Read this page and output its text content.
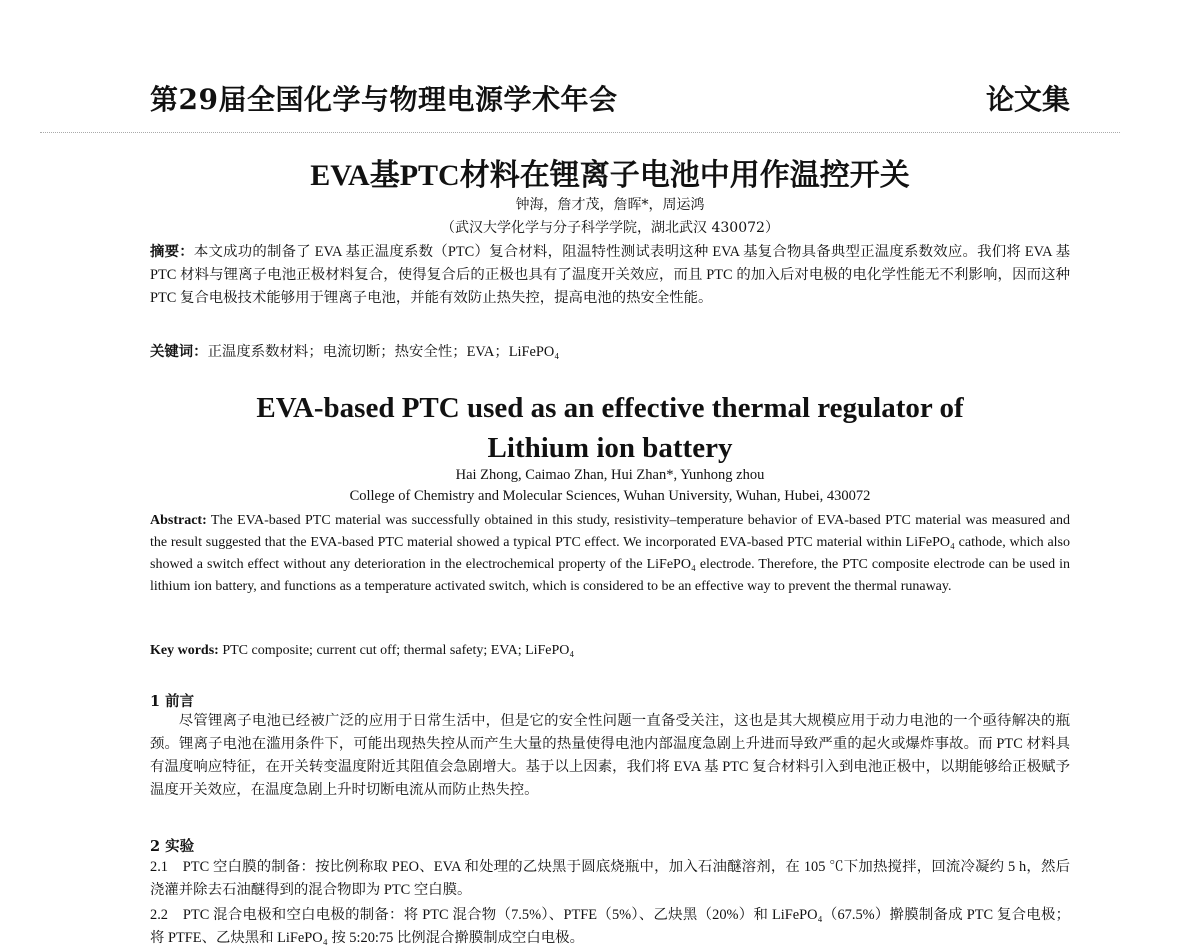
第29届全国化学与物理电源学术年会	论文集
EVA基PTC材料在锂离子电池中用作温控开关
钟海，詹才茂，詹晖*，周运鸿
（武汉大学化学与分子科学学院，湖北武汉 430072）
摘要：本文成功的制备了 EVA 基正温度系数（PTC）复合材料，阻温特性测试表明这种 EVA 基复合物具备典型正温度系数效应。我们将 EVA 基 PTC 材料与锂离子电池正极材料复合，使得复合后的正极也具有了温度开关效应，而且 PTC 的加入后对电极的电化学性能无不利影响，因而这种 PTC 复合电极技术能够用于锂离子电池，并能有效防止热失控，提高电池的热安全性能。
关键词：正温度系数材料；电流切断；热安全性；EVA；LiFePO₄
EVA-based PTC used as an effective thermal regulator of
Lithium ion battery
Hai Zhong, Caimao Zhan, Hui Zhan*, Yunhong zhou
College of Chemistry and Molecular Sciences, Wuhan University, Wuhan, Hubei, 430072
Abstract: The EVA-based PTC material was successfully obtained in this study, resistivity–temperature behavior of EVA-based PTC material was measured and the result suggested that the EVA-based PTC material showed a typical PTC effect. We incorporated EVA-based PTC material within LiFePO₄ cathode, which also showed a switch effect without any deterioration in the electrochemical property of the LiFePO₄ electrode. Therefore, the PTC composite electrode can be used in lithium ion battery, and functions as a temperature activated switch, which is considered to be an effective way to prevent the thermal runaway.
Key words: PTC composite; current cut off; thermal safety; EVA; LiFePO₄
1 前言
尽管锂离子电池已经被广泛的应用于日常生活中，但是它的安全性问题一直备受关注，这也是其大规模应用于动力电池的一个亟待解决的瓶颈。锂离子电池在滥用条件下，可能出现热失控从而产生大量的热量使得电池内部温度急剧上升进而导致严重的起火或爆炸事故。而 PTC 材料具有温度响应特征，在开关转变温度附近其阻值会急剧增大。基于以上因素，我们将 EVA 基 PTC 复合材料引入到电池正极中，以期能够给正极赋予温度开关效应，在温度急剧上升时切断电流从而防止热失控。
2 实验
2.1　PTC 空白膜的制备：按比例称取 PEO、EVA 和处理的乙炔黑于圆底烧瓶中，加入石油醚溶剂，在 105 ℃下加热搅拌，回流冷凝约 5 h，然后浇灌并除去石油醚得到的混合物即为 PTC 空白膜。
2.2　PTC 混合电极和空白电极的制备：将 PTC 混合物（7.5%）、PTFE（5%）、乙炔黑（20%）和 LiFePO₄（67.5%）擀膜制备成 PTC 复合电极；将 PTFE、乙炔黑和 LiFePO₄ 按 5:20:75 比例混合擀膜制成空白电极。
